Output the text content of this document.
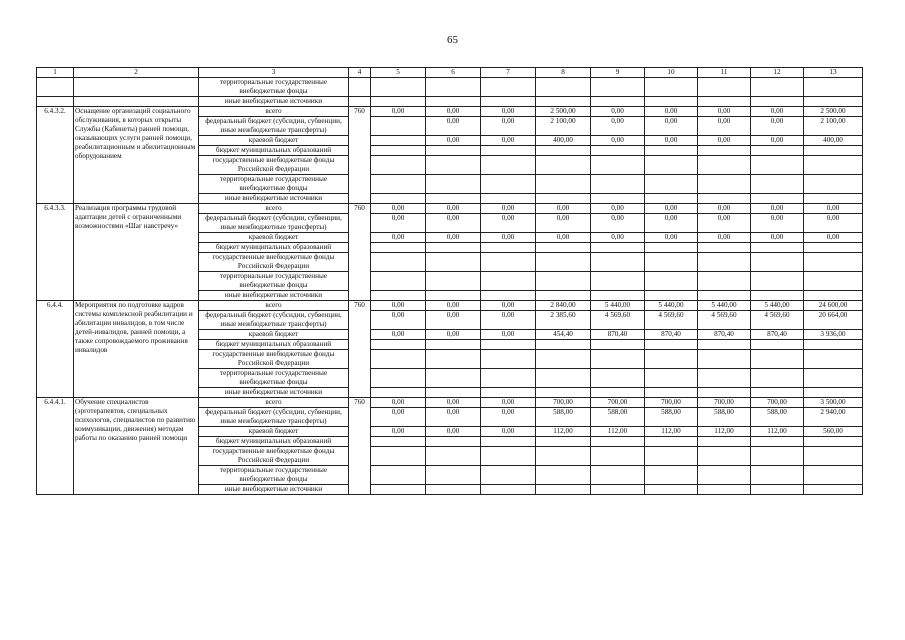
65
1	2	3	4	5	6	7	8	9	10	11	12	13
		территориальные государственные внебюджетные фонды										
		иные внебюджетные источники										
6.4.3.2.	Оснащение организаций социального обслуживания, в которых открыты Службы (Кабинеты) ранней помощи, оказывающих услуги ранней помощи, реабилитационным и абилитационным оборудованием	всего	760	0,00	0,00	0,00	2 500,00	0,00	0,00	0,00	0,00	2 500,00
		федеральный бюджет (субсидии, субвенции, иные межбюджетные трансферты)			0,00	0,00	2 100,00	0,00	0,00	0,00	0,00	2 100,00
		краевой бюджет			0,00	0,00	400,00	0,00	0,00	0,00	0,00	400,00
		бюджет муниципальных образований										
		государственные внебюджетные фонды Российской Федерации										
		территориальные государственные внебюджетные фонды										
		иные внебюджетные источники										
6.4.3.3.	Реализация программы трудовой адаптации детей с ограниченными возможностями «Шаг навстречу»	всего	760	0,00	0,00	0,00	0,00	0,00	0,00	0,00	0,00	0,00
		федеральный бюджет (субсидии, субвенции, иные межбюджетные трансферты)		0,00	0,00	0,00	0,00	0,00	0,00	0,00	0,00	0,00
		краевой бюджет		0,00	0,00	0,00	0,00	0,00	0,00	0,00	0,00	0,00
		бюджет муниципальных образований										
		государственные внебюджетные фонды Российской Федерации										
		территориальные государственные внебюджетные фонды										
		иные внебюджетные источники										
6.4.4.	Мероприятия по подготовке кадров системы комплексной реабилитации и абилитации инвалидов, в том числе детей-инвалидов, ранней помощи, а также сопровождаемого проживания инвалидов	всего	760	0,00	0,00	0,00	2 840,00	5 440,00	5 440,00	5 440,00	5 440,00	24 600,00
		федеральный бюджет (субсидии, субвенции, иные межбюджетные трансферты)		0,00	0,00	0,00	2 385,60	4 569,60	4 569,60	4 569,60	4 569,60	20 664,00
		краевой бюджет		0,00	0,00	0,00	454,40	870,40	870,40	870,40	870,40	3 936,00
		бюджет муниципальных образований										
		государственные внебюджетные фонды Российской Федерации										
		территориальные государственные внебюджетные фонды										
		иные внебюджетные источники										
6.4.4.1.	Обучение специалистов (эрготерапевтов, специальных психологов, специалистов по развитию коммуникации, движения) методам работы по оказанию ранней помощи	всего	760	0,00	0,00	0,00	700,00	700,00	700,00	700,00	700,00	3 500,00
		федеральный бюджет (субсидии, субвенции, иные межбюджетные трансферты)		0,00	0,00	0,00	588,00	588,00	588,00	588,00	588,00	2 940,00
		краевой бюджет		0,00	0,00	0,00	112,00	112,00	112,00	112,00	112,00	560,00
		бюджет муниципальных образований										
		государственные внебюджетные фонды Российской Федерации										
		территориальные государственные внебюджетные фонды										
		иные внебюджетные источники										
